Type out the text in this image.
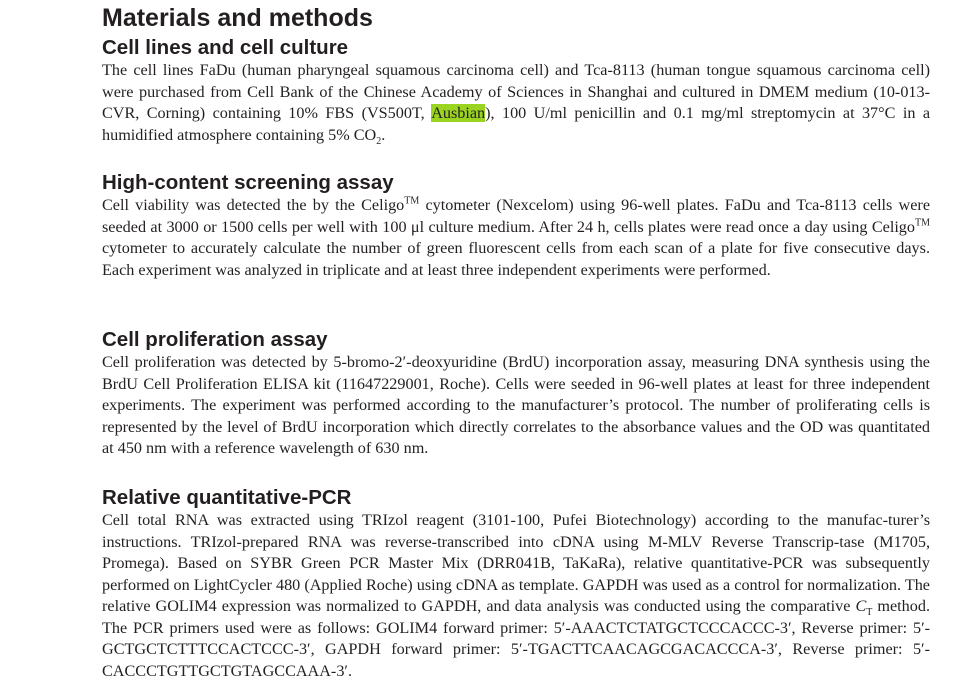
Materials and methods
Cell lines and cell culture

The cell lines FaDu (human pharyngeal squamous carcinoma cell) and Tca-8113 (human tongue squamous carcinoma cell) were purchased from Cell Bank of the Chinese Academy of Sciences in Shanghai and cultured in DMEM medium (10-013-CVR, Corning) containing 10% FBS (VS500T, Ausbian), 100 U/ml penicillin and 0.1 mg/ml streptomycin at 37°C in a humidified atmosphere containing 5% $CO_2$.

High-content screening assay

Cell viability was detected the by the Celigo™ cytometer (Nexcelom) using 96-well plates. FaDu and Tca-8113 cells were seeded at 3000 or 1500 cells per well with 100 μl culture medium. After 24 h, cells plates were read once a day using Celigo™ cytometer to accurately calculate the number of green fluorescent cells from each scan of a plate for five consecutive days. Each experiment was analyzed in triplicate and at least three independent experiments were performed.

Cell proliferation assay

Cell proliferation was detected by 5-bromo-2′-deoxyuridine (BrdU) incorporation assay, measuring DNA synthesis using the BrdU Cell Proliferation ELISA kit (11647229001, Roche). Cells were seeded in 96-well plates at least for three independent experiments. The experiment was performed according to the manufacturer’s protocol. The number of proliferating cells is represented by the level of BrdU incorporation which directly correlates to the absorbance values and the OD was quantitated at 450 nm with a reference wavelength of 630 nm.

Relative quantitative-PCR

Cell total RNA was extracted using TRIzol reagent (3101-100, Pufei Biotechnology) according to the manufac-turer’s instructions. TRIzol-prepared RNA was reverse-transcribed into cDNA using M-MLV Reverse Transcrip-tase (M1705, Promega). Based on SYBR Green PCR Master Mix (DRR041B, TaKaRa), relative quantitative-PCR was subsequently performed on LightCycler 480 (Applied Roche) using cDNA as template. GAPDH was used as a control for normalization. The relative GOLIM4 expression was normalized to GAPDH, and data analysis was conducted using the comparative $C_T$ method. The PCR primers used were as follows: GOLIM4 forward primer: 5′-AAACTCTATGCTCCCACCC-3′, Reverse primer: 5′-GCTGCTCTTTCCACTCCC-3′, GAPDH forward primer: 5′-TGACTTCAACAGCGACACCCA-3′, Reverse primer: 5′-CACCCTGTTGCTGTAGCCAAA-3′.
